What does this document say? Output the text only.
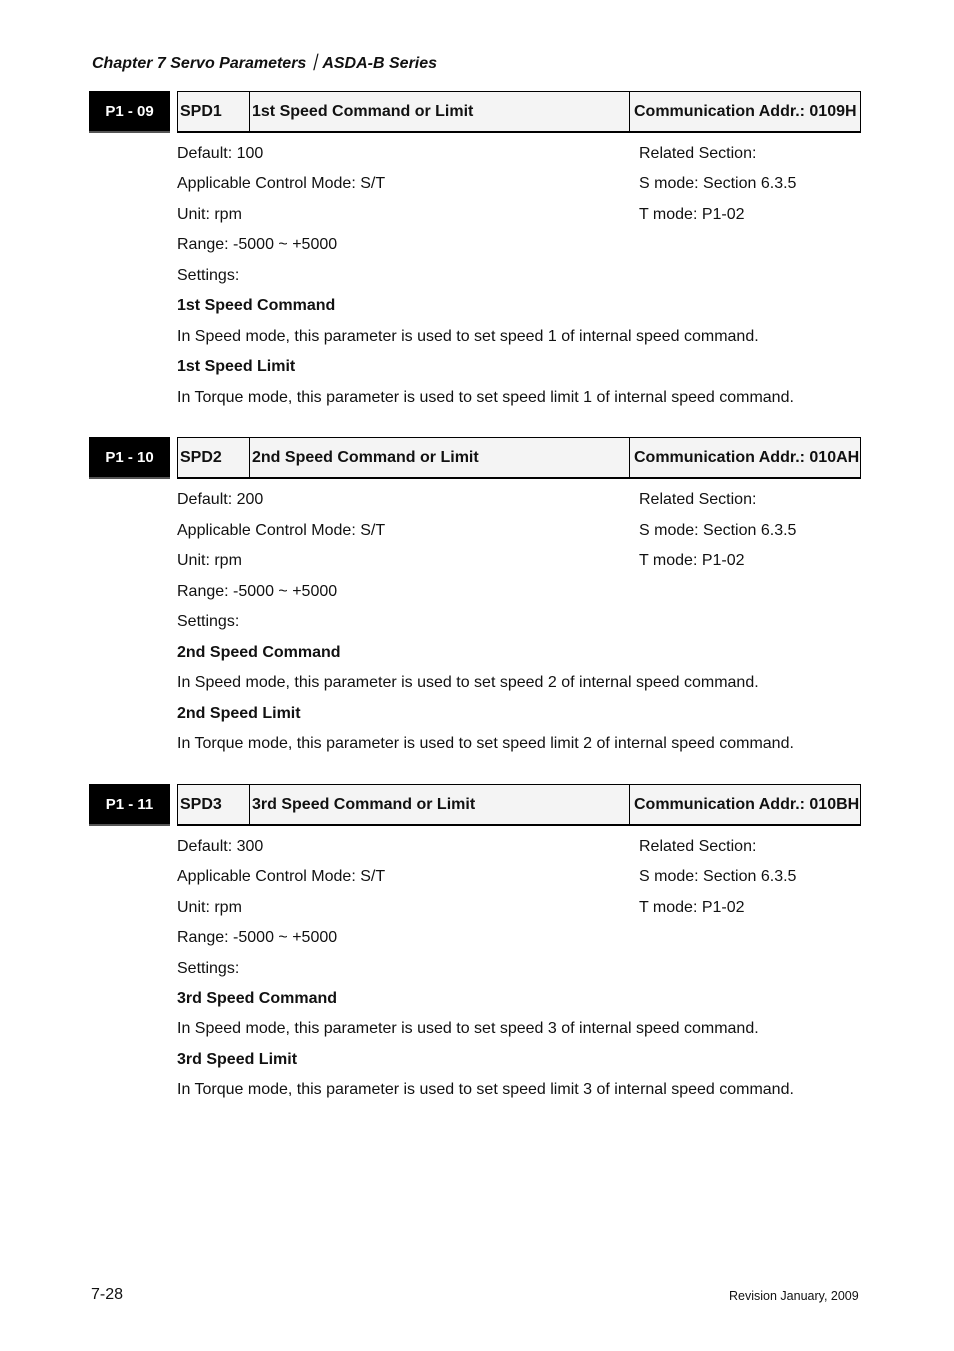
Chapter 7 Servo Parameters｜ASDA-B Series
P1 - 09	SPD1	1st Speed Command or Limit	Communication Addr.: 0109H
Default: 100
Applicable Control Mode: S/T
Unit: rpm
Range: -5000 ~ +5000
Settings:
1st Speed Command
In Speed mode, this parameter is used to set speed 1 of internal speed command.
1st Speed Limit
In Torque mode, this parameter is used to set speed limit 1 of internal speed command.
Related Section:
S mode: Section 6.3.5
T mode: P1-02
P1 - 10	SPD2	2nd Speed Command or Limit	Communication Addr.: 010AH
Default: 200
Applicable Control Mode: S/T
Unit: rpm
Range: -5000 ~ +5000
Settings:
2nd Speed Command
In Speed mode, this parameter is used to set speed 2 of internal speed command.
2nd Speed Limit
In Torque mode, this parameter is used to set speed limit 2 of internal speed command.
Related Section:
S mode: Section 6.3.5
T mode: P1-02
P1 - 11	SPD3	3rd Speed Command or Limit	Communication Addr.: 010BH
Default: 300
Applicable Control Mode: S/T
Unit: rpm
Range: -5000 ~ +5000
Settings:
3rd Speed Command
In Speed mode, this parameter is used to set speed 3 of internal speed command.
3rd Speed Limit
In Torque mode, this parameter is used to set speed limit 3 of internal speed command.
Related Section:
S mode: Section 6.3.5
T mode: P1-02
7-28	Revision January, 2009
